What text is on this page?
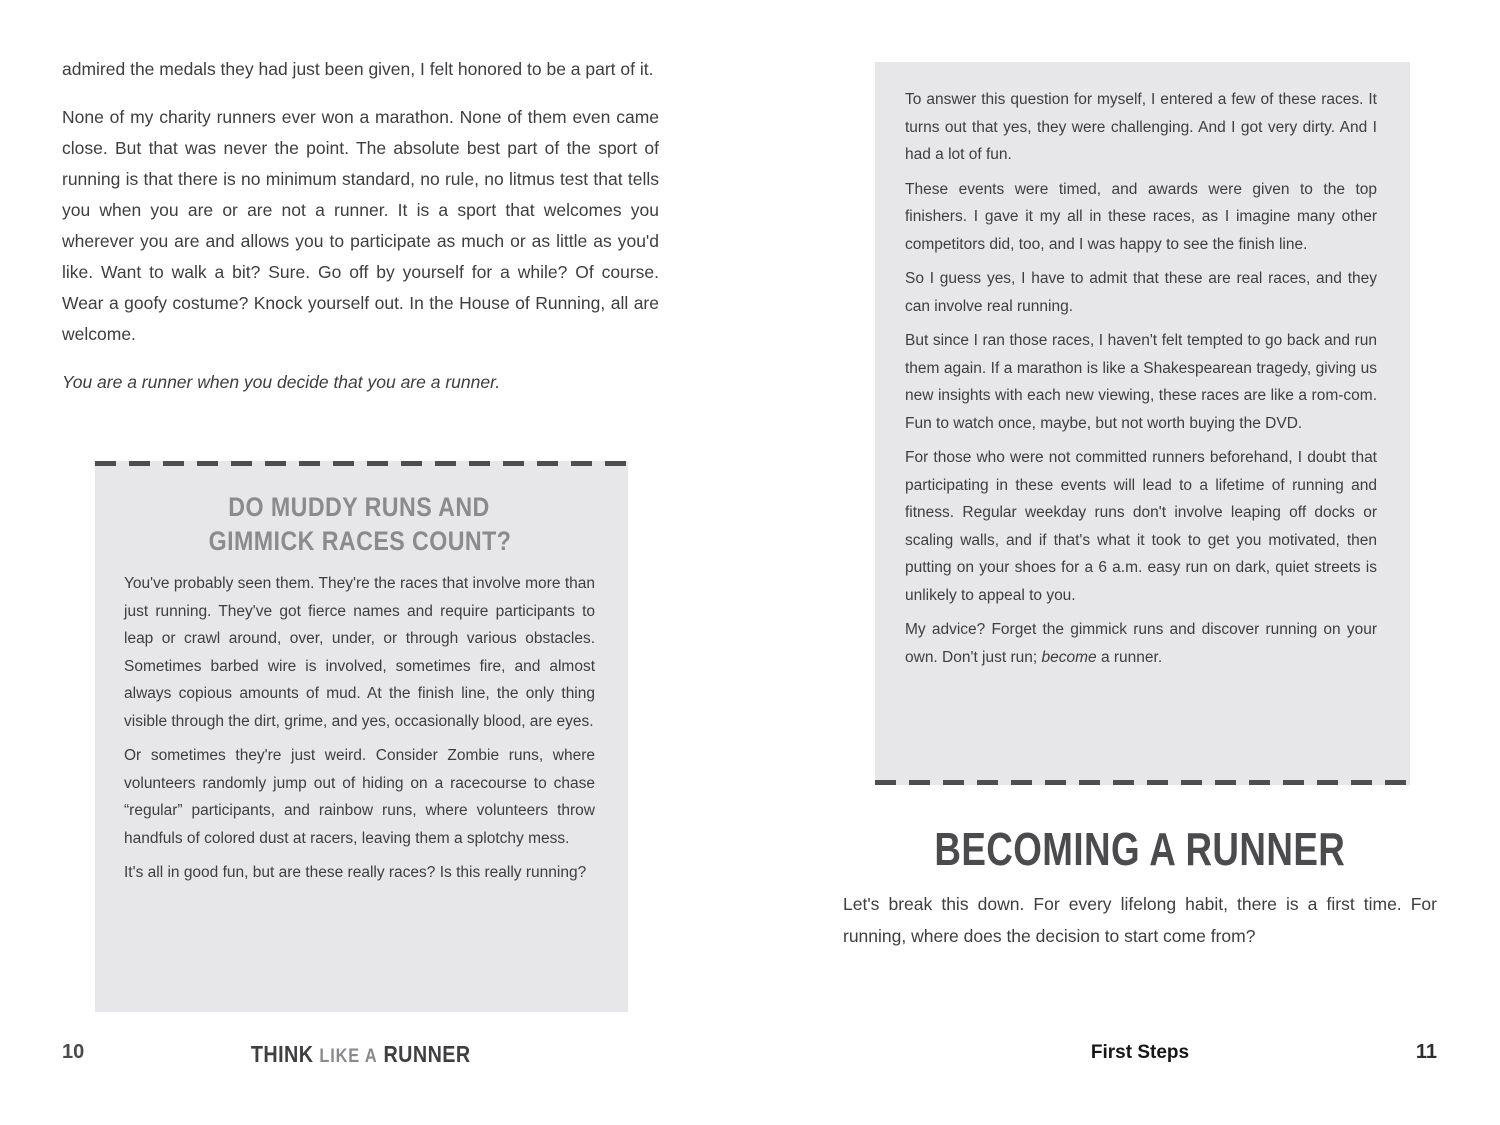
admired the medals they had just been given, I felt honored to be a part of it.

None of my charity runners ever won a marathon. None of them even came close. But that was never the point. The absolute best part of the sport of running is that there is no minimum standard, no rule, no litmus test that tells you when you are or are not a runner. It is a sport that welcomes you wherever you are and allows you to participate as much or as little as you'd like. Want to walk a bit? Sure. Go off by yourself for a while? Of course. Wear a goofy costume? Knock yourself out. In the House of Running, all are welcome.

You are a runner when you decide that you are a runner.

DO MUDDY RUNS AND
GIMMICK RACES COUNT?

You've probably seen them. They're the races that involve more than just running. They've got fierce names and require participants to leap or crawl around, over, under, or through various obstacles. Sometimes barbed wire is involved, sometimes fire, and almost always copious amounts of mud. At the finish line, the only thing visible through the dirt, grime, and yes, occasionally blood, are eyes.

Or sometimes they're just weird. Consider Zombie runs, where volunteers randomly jump out of hiding on a racecourse to chase “regular” participants, and rainbow runs, where volunteers throw handfuls of colored dust at racers, leaving them a splotchy mess.

It's all in good fun, but are these really races? Is this really running?

10	THINK LIKE A RUNNER

To answer this question for myself, I entered a few of these races. It turns out that yes, they were challenging. And I got very dirty. And I had a lot of fun.

These events were timed, and awards were given to the top finishers. I gave it my all in these races, as I imagine many other competitors did, too, and I was happy to see the finish line.

So I guess yes, I have to admit that these are real races, and they can involve real running.

But since I ran those races, I haven't felt tempted to go back and run them again. If a marathon is like a Shakespearean tragedy, giving us new insights with each new viewing, these races are like a rom-com. Fun to watch once, maybe, but not worth buying the DVD.

For those who were not committed runners beforehand, I doubt that participating in these events will lead to a lifetime of running and fitness. Regular weekday runs don't involve leaping off docks or scaling walls, and if that's what it took to get you motivated, then putting on your shoes for a 6 a.m. easy run on dark, quiet streets is unlikely to appeal to you.

My advice? Forget the gimmick runs and discover running on your own. Don't just run; become a runner.

BECOMING A RUNNER
Let's break this down. For every lifelong habit, there is a first time. For running, where does the decision to start come from?
First Steps	11
